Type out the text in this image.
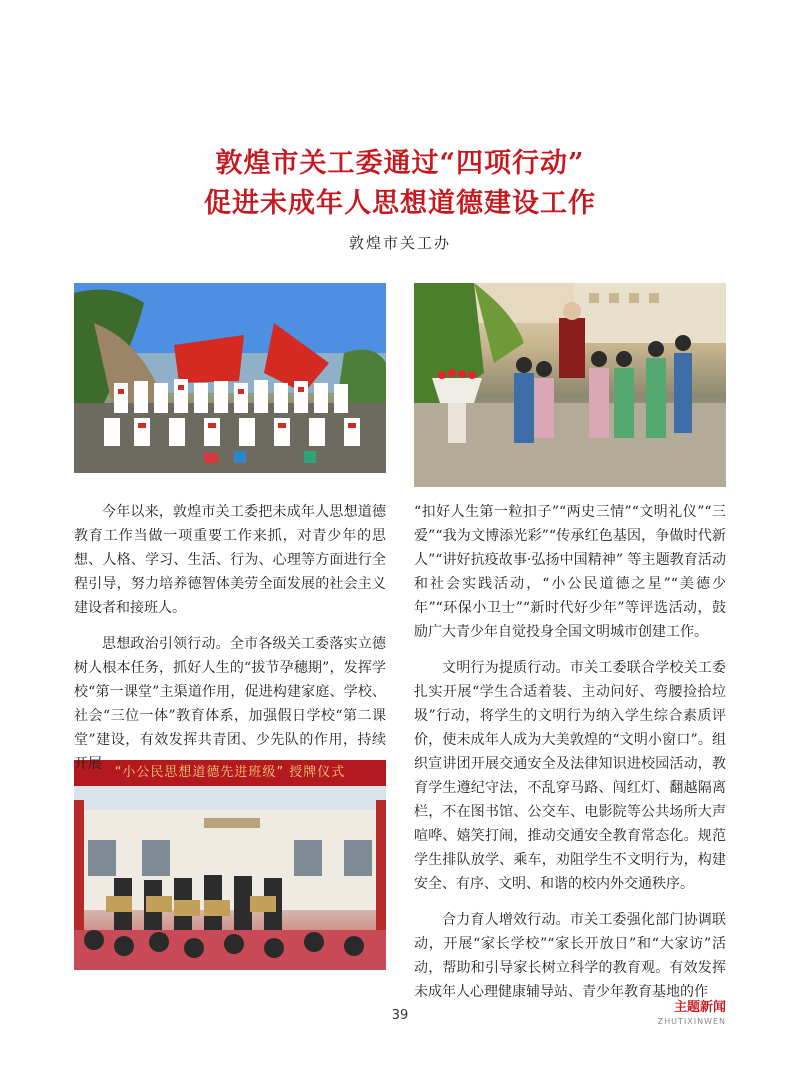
敦煌市关工委通过“四项行动”
促进未成年人思想道德建设工作
敦煌市关工办
“小公民思想道德先进班级” 授牌仪式

今年以来，敦煌市关工委把未成年人思想道德教育工作当做一项重要工作来抓，对青少年的思想、人格、学习、生活、行为、心理等方面进行全程引导，努力培养德智体美劳全面发展的社会主义建设者和接班人。

思想政治引领行动。全市各级关工委落实立德树人根本任务，抓好人生的“拔节孕穗期”，发挥学校“第一课堂”主渠道作用，促进构建家庭、学校、社会“三位一体”教育体系，加强假日学校“第二课堂”建设，有效发挥共青团、少先队的作用，持续开展

“扣好人生第一粒扣子”“两史三情”“文明礼仪”“三爱”“我为文博添光彩”“传承红色基因，争做时代新人”“讲好抗疫故事·弘扬中国精神” 等主题教育活动和社会实践活动，“小公民道德之星”“美德少年”“环保小卫士”“新时代好少年”等评选活动，鼓励广大青少年自觉投身全国文明城市创建工作。

文明行为提质行动。市关工委联合学校关工委扎实开展“学生合适着装、主动问好、弯腰捡拾垃圾”行动，将学生的文明行为纳入学生综合素质评价，使未成年人成为大美敦煌的“文明小窗口”。组织宣讲团开展交通安全及法律知识进校园活动，教育学生遵纪守法，不乱穿马路、闯红灯、翻越隔离栏，不在图书馆、公交车、电影院等公共场所大声喧哗、嬉笑打闹，推动交通安全教育常态化。规范学生排队放学、乘车，劝阻学生不文明行为，构建安全、有序、文明、和谐的校内外交通秩序。

合力育人增效行动。市关工委强化部门协调联动，开展“家长学校”“家长开放日”和“大家访”活动，帮助和引导家长树立科学的教育观。有效发挥未成年人心理健康辅导站、青少年教育基地的作

39
主题新闻
ZHUTIXINWEN
